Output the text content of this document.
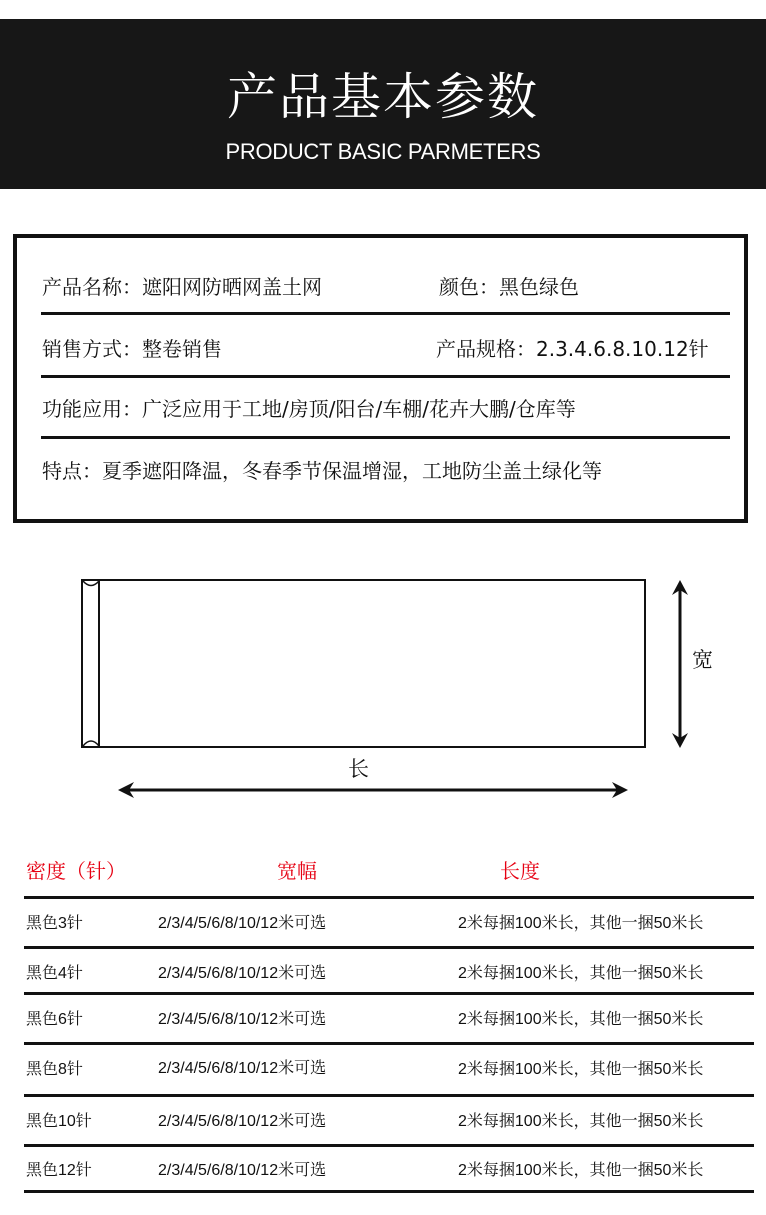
产品基本参数
PRODUCT BASIC PARMETERS
产品名称：遮阳网防晒网盖土网	颜色：黑色绿色
销售方式：整卷销售	产品规格：2.3.4.6.8.10.12针
功能应用：广泛应用于工地/房顶/阳台/车棚/花卉大鹏/仓库等
特点：夏季遮阳降温，冬春季节保温增湿，工地防尘盖土绿化等
宽
长
密度（针）	宽幅	长度
黑色3针	2/3/4/5/6/8/10/12米可选	2米每捆100米长，其他一捆50米长
黑色4针	2/3/4/5/6/8/10/12米可选	2米每捆100米长，其他一捆50米长
黑色6针	2/3/4/5/6/8/10/12米可选	2米每捆100米长，其他一捆50米长
黑色8针	2/3/4/5/6/8/10/12米可选	2米每捆100米长，其他一捆50米长
黑色10针	2/3/4/5/6/8/10/12米可选	2米每捆100米长，其他一捆50米长
黑色12针	2/3/4/5/6/8/10/12米可选	2米每捆100米长，其他一捆50米长
